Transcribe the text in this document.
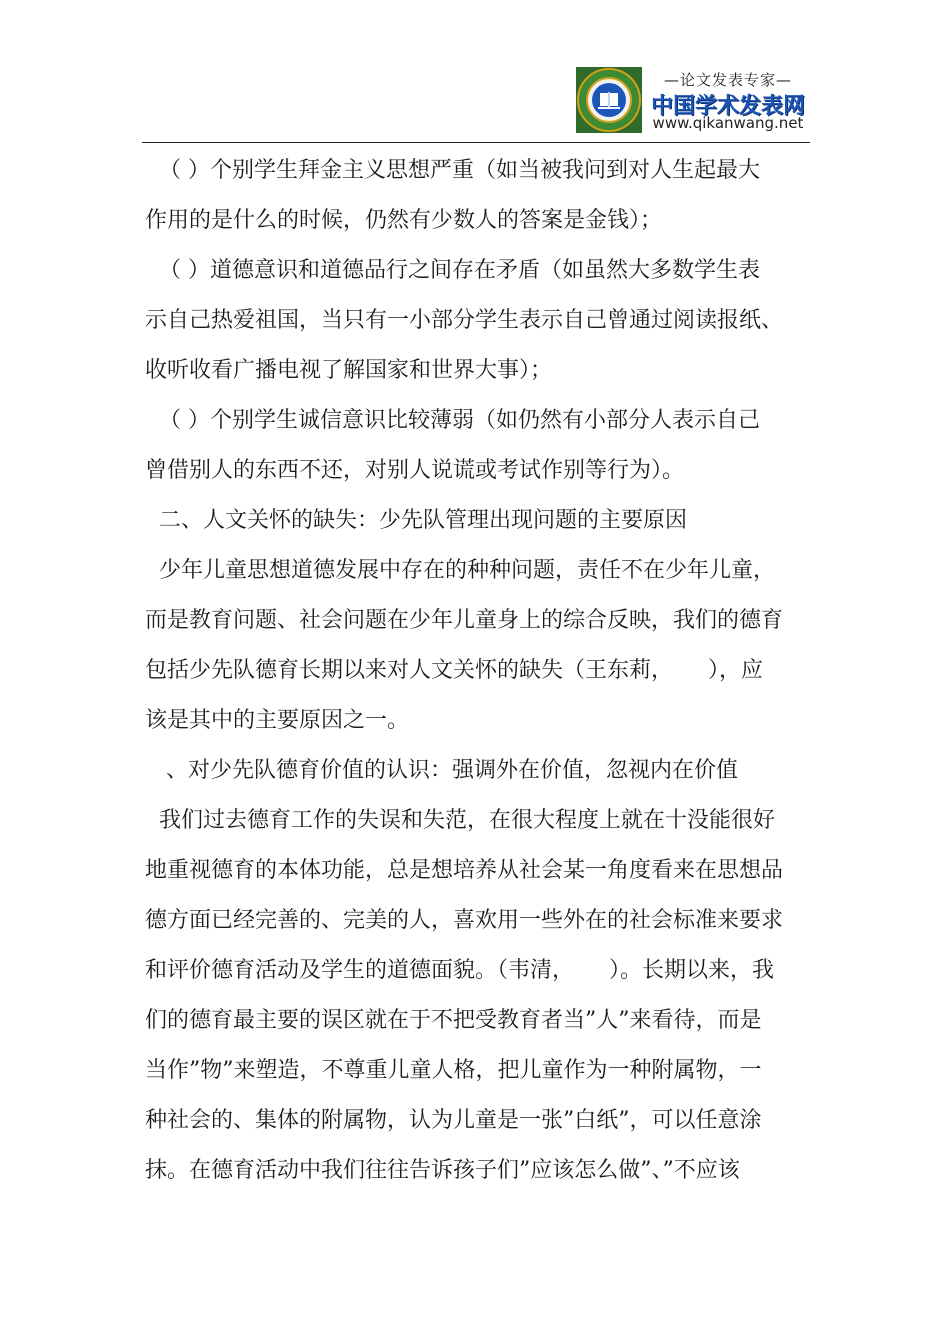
—论文发表专家—
中国学术发表网
www.qikanwang.net
（ ）个别学生拜金主义思想严重（如当被我问到对人生起最大
作用的是什么的时候，仍然有少数人的答案是金钱）；
（ ）道德意识和道德品行之间存在矛盾（如虽然大多数学生表
示自己热爱祖国，当只有一小部分学生表示自己曾通过阅读报纸、
收听收看广播电视了解国家和世界大事）；
（ ）个别学生诚信意识比较薄弱（如仍然有小部分人表示自己
曾借别人的东西不还，对别人说谎或考试作别等行为）。
二、人文关怀的缺失：少先队管理出现问题的主要原因
少年儿童思想道德发展中存在的种种问题，责任不在少年儿童，
而是教育问题、社会问题在少年儿童身上的综合反映，我们的德育
包括少先队德育长期以来对人文关怀的缺失（王东莉，     ），应
该是其中的主要原因之一。
、对少先队德育价值的认识：强调外在价值，忽视内在价值
我们过去德育工作的失误和失范，在很大程度上就在十没能很好
地重视德育的本体功能，总是想培养从社会某一角度看来在思想品
德方面已经完善的、完美的人，喜欢用一些外在的社会标准来要求
和评价德育活动及学生的道德面貌。（韦清，     ）。长期以来，我
们的德育最主要的误区就在于不把受教育者当”人”来看待，而是
当作”物”来塑造，不尊重儿童人格，把儿童作为一种附属物，一
种社会的、集体的附属物，认为儿童是一张”白纸”，可以任意涂
抹。在德育活动中我们往往告诉孩子们”应该怎么做”、”不应该
